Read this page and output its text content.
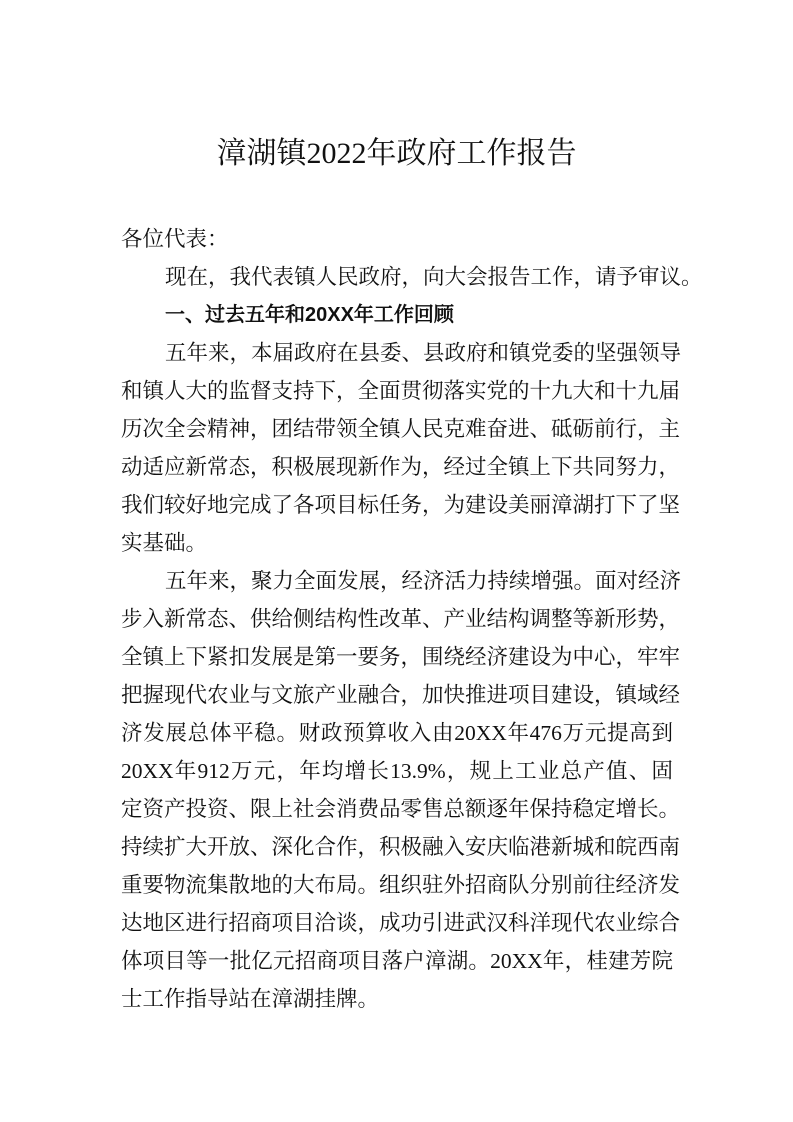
漳湖镇2022年政府工作报告
各位代表：
现在，我代表镇人民政府，向大会报告工作，请予审议。
一、过去五年和20XX年工作回顾
五年来，本届政府在县委、县政府和镇党委的坚强领导
和镇人大的监督支持下，全面贯彻落实党的十九大和十九届
历次全会精神，团结带领全镇人民克难奋进、砥砺前行，主
动适应新常态，积极展现新作为，经过全镇上下共同努力，
我们较好地完成了各项目标任务，为建设美丽漳湖打下了坚
实基础。
五年来，聚力全面发展，经济活力持续增强。面对经济
步入新常态、供给侧结构性改革、产业结构调整等新形势，
全镇上下紧扣发展是第一要务，围绕经济建设为中心，牢牢
把握现代农业与文旅产业融合，加快推进项目建设，镇域经
济发展总体平稳。财政预算收入由20XX年476万元提高到
20XX年912万元，年均增长13.9%，规上工业总产值、固
定资产投资、限上社会消费品零售总额逐年保持稳定增长。
持续扩大开放、深化合作，积极融入安庆临港新城和皖西南
重要物流集散地的大布局。组织驻外招商队分别前往经济发
达地区进行招商项目洽谈，成功引进武汉科洋现代农业综合
体项目等一批亿元招商项目落户漳湖。20XX年，桂建芳院
士工作指导站在漳湖挂牌。
